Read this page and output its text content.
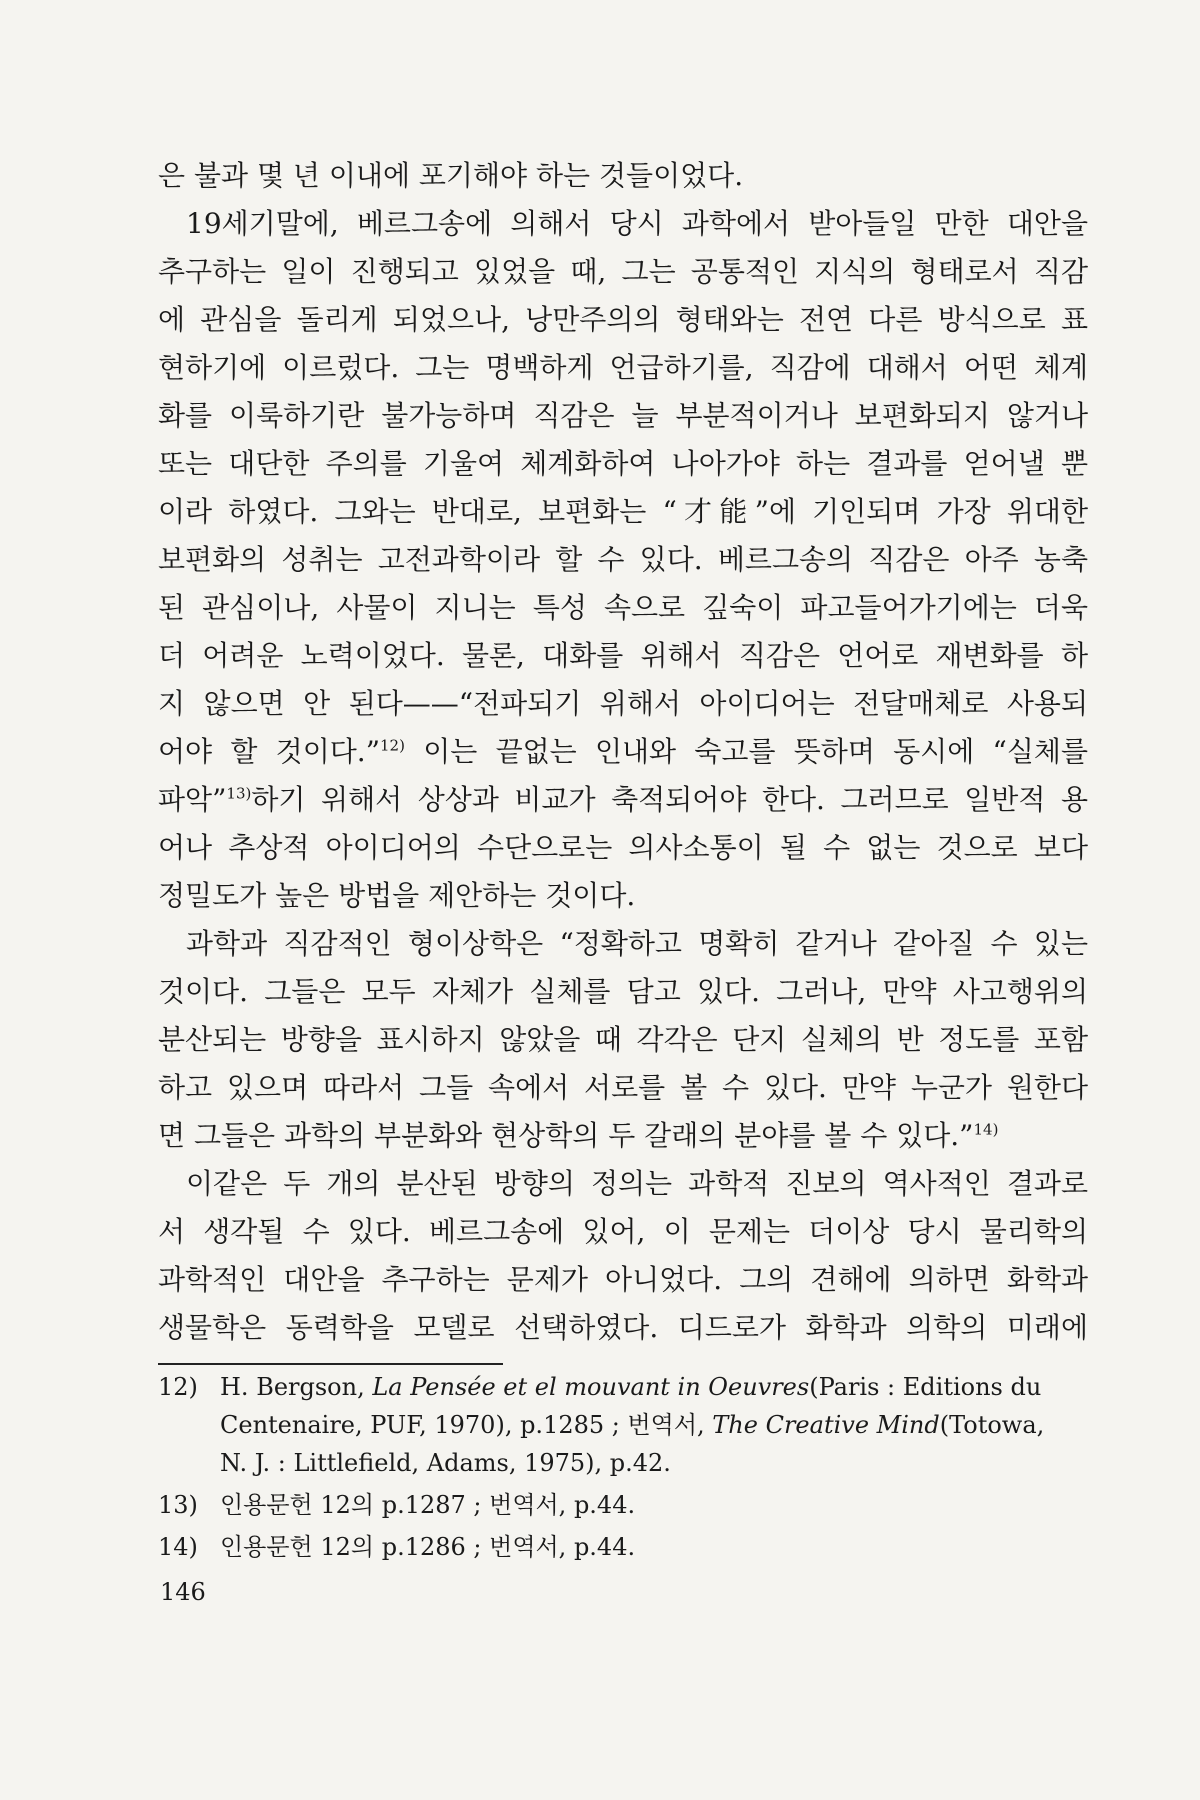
은 불과 몇 년 이내에 포기해야 하는 것들이었다.
19세기말에, 베르그송에 의해서 당시 과학에서 받아들일 만한 대안을
추구하는 일이 진행되고 있었을 때, 그는 공통적인 지식의 형태로서 직감
에 관심을 돌리게 되었으나, 낭만주의의 형태와는 전연 다른 방식으로 표
현하기에 이르렀다. 그는 명백하게 언급하기를, 직감에 대해서 어떤 체계
화를 이룩하기란 불가능하며 직감은 늘 부분적이거나 보편화되지 않거나
또는 대단한 주의를 기울여 체계화하여 나아가야 하는 결과를 얻어낼 뿐
이라 하였다. 그와는 반대로, 보편화는 “才能”에 기인되며 가장 위대한
보편화의 성취는 고전과학이라 할 수 있다. 베르그송의 직감은 아주 농축
된 관심이나, 사물이 지니는 특성 속으로 깊숙이 파고들어가기에는 더욱
더 어려운 노력이었다. 물론, 대화를 위해서 직감은 언어로 재변화를 하
지 않으면 안 된다——“전파되기 위해서 아이디어는 전달매체로 사용되
어야 할 것이다.”$^{12)}$ 이는 끝없는 인내와 숙고를 뜻하며 동시에 “실체를
파악”$^{13)}$하기 위해서 상상과 비교가 축적되어야 한다. 그러므로 일반적 용
어나 추상적 아이디어의 수단으로는 의사소통이 될 수 없는 것으로 보다
정밀도가 높은 방법을 제안하는 것이다.
과학과 직감적인 형이상학은 “정확하고 명확히 같거나 같아질 수 있는
것이다. 그들은 모두 자체가 실체를 담고 있다. 그러나, 만약 사고행위의
분산되는 방향을 표시하지 않았을 때 각각은 단지 실체의 반 정도를 포함
하고 있으며 따라서 그들 속에서 서로를 볼 수 있다. 만약 누군가 원한다
면 그들은 과학의 부분화와 현상학의 두 갈래의 분야를 볼 수 있다.”$^{14)}$
이같은 두 개의 분산된 방향의 정의는 과학적 진보의 역사적인 결과로
서 생각될 수 있다. 베르그송에 있어, 이 문제는 더이상 당시 물리학의
과학적인 대안을 추구하는 문제가 아니었다. 그의 견해에 의하면 화학과
생물학은 동력학을 모델로 선택하였다. 디드로가 화학과 의학의 미래에
12) H. Bergson, La Pensée et el mouvant in Oeuvres(Paris : Editions du
Centenaire, PUF, 1970), p.1285 ; 번역서, The Creative Mind(Totowa,
N. J. : Littlefield, Adams, 1975), p.42.
13) 인용문헌 12의 p.1287 ; 번역서, p.44.
14) 인용문헌 12의 p.1286 ; 번역서, p.44.
146
